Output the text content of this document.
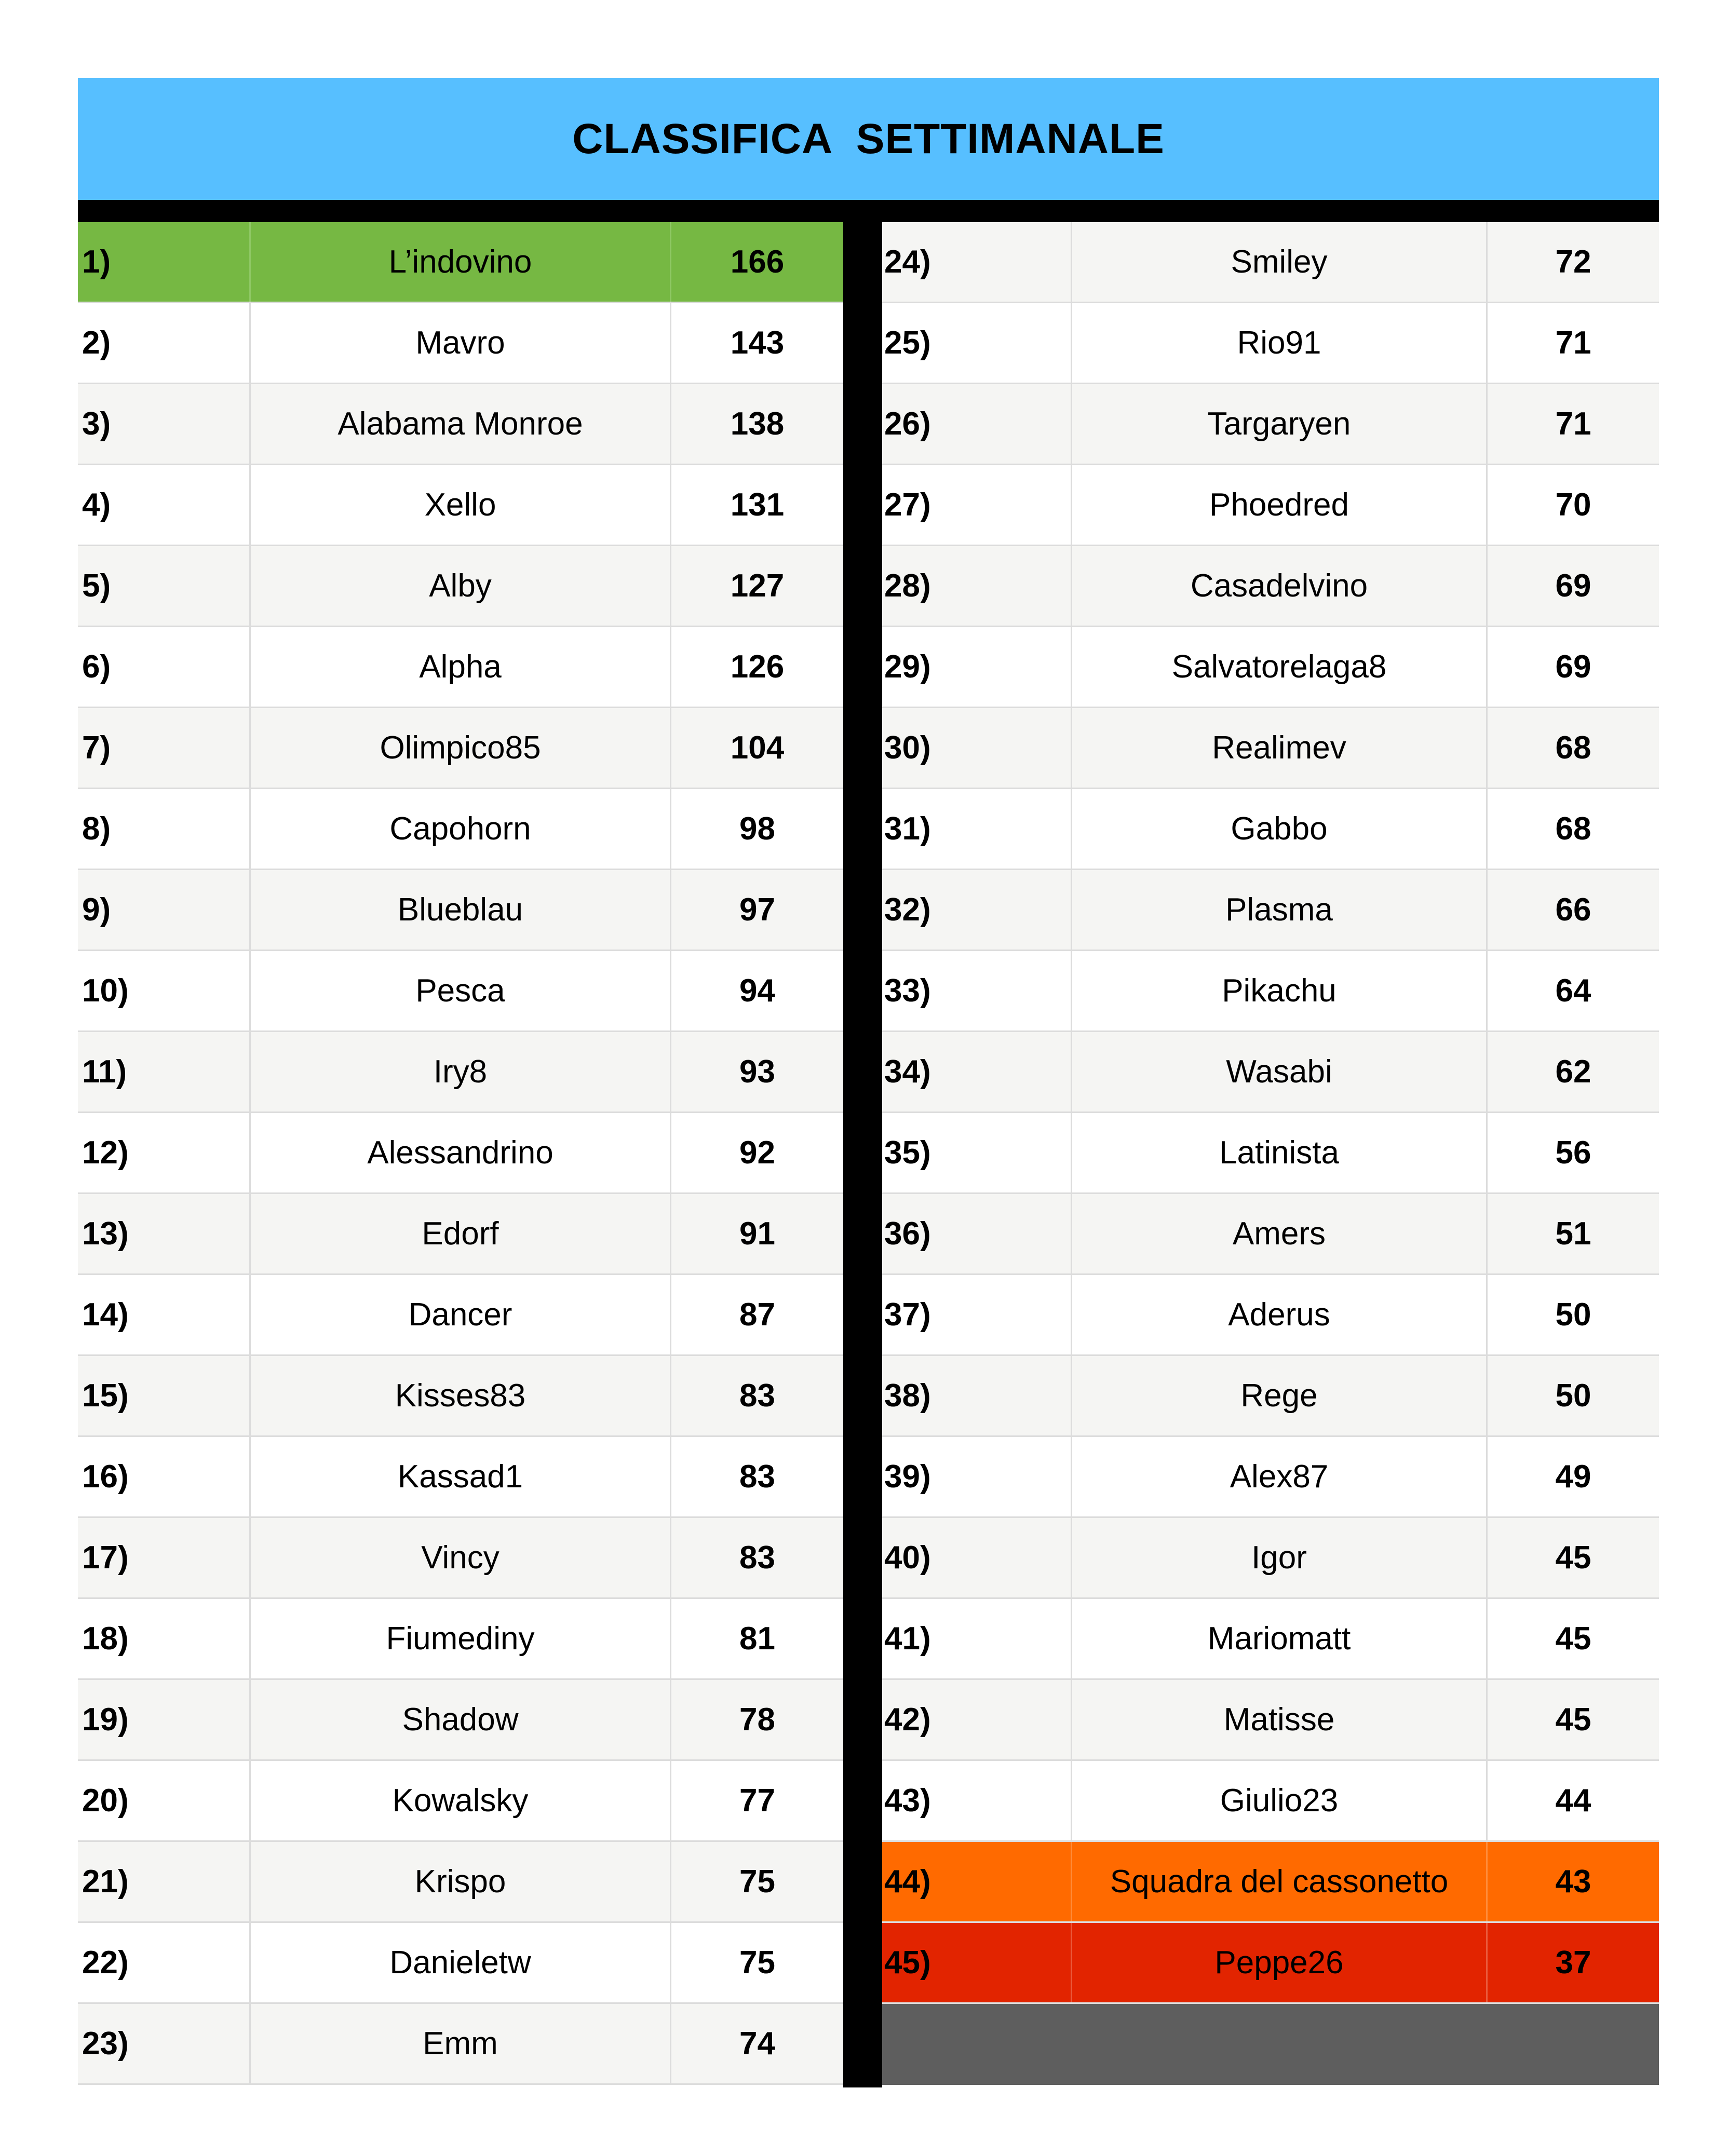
CLASSIFICA  SETTIMANALE
1)	L’indovino	166
2)	Mavro	143
3)	Alabama Monroe	138
4)	Xello	131
5)	Alby	127
6)	Alpha	126
7)	Olimpico85	104
8)	Capohorn	98
9)	Blueblau	97
10)	Pesca	94
11)	Iry8	93
12)	Alessandrino	92
13)	Edorf	91
14)	Dancer	87
15)	Kisses83	83
16)	Kassad1	83
17)	Vincy	83
18)	Fiumediny	81
19)	Shadow	78
20)	Kowalsky	77
21)	Krispo	75
22)	Danieletw	75
23)	Emm	74
24)	Smiley	72
25)	Rio91	71
26)	Targaryen	71
27)	Phoedred	70
28)	Casadelvino	69
29)	Salvatorelaga8	69
30)	Realimev	68
31)	Gabbo	68
32)	Plasma	66
33)	Pikachu	64
34)	Wasabi	62
35)	Latinista	56
36)	Amers	51
37)	Aderus	50
38)	Rege	50
39)	Alex87	49
40)	Igor	45
41)	Mariomatt	45
42)	Matisse	45
43)	Giulio23	44
44)	Squadra del cassonetto	43
45)	Peppe26	37
